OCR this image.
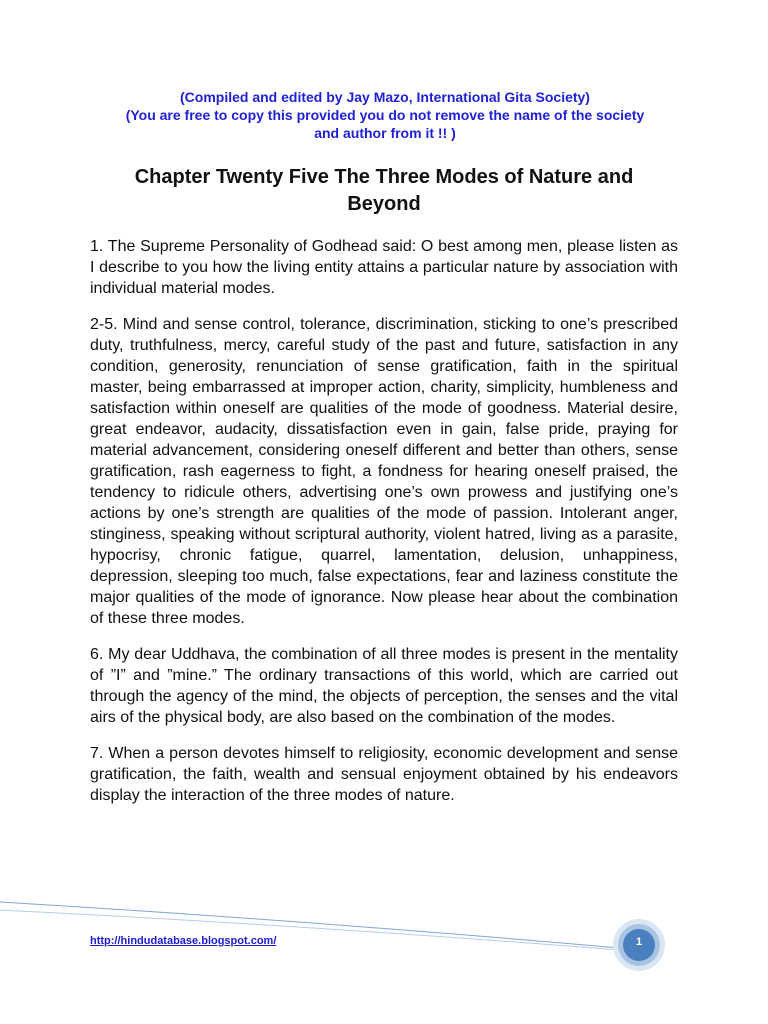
(Compiled and edited by Jay Mazo, International Gita Society)
(You are free to copy this provided you do not remove the name of the society
and author from it !! )
Chapter Twenty Five The Three Modes of Nature and Beyond

1. The Supreme Personality of Godhead said: O best among men, please listen as I describe to you how the living entity attains a particular nature by association with individual material modes.

2-5. Mind and sense control, tolerance, discrimination, sticking to one’s prescribed duty, truthfulness, mercy, careful study of the past and future, satisfaction in any condition, generosity, renunciation of sense gratification, faith in the spiritual master, being embarrassed at improper action, charity, simplicity, humbleness and satisfaction within oneself are qualities of the mode of goodness. Material desire, great endeavor, audacity, dissatisfaction even in gain, false pride, praying for material advancement, considering oneself different and better than others, sense gratification, rash eagerness to fight, a fondness for hearing oneself praised, the tendency to ridicule others, advertising one’s own prowess and justifying one’s actions by one’s strength are qualities of the mode of passion. Intolerant anger, stinginess, speaking without scriptural authority, violent hatred, living as a parasite, hypocrisy, chronic fatigue, quarrel, lamentation, delusion, unhappiness, depression, sleeping too much, false expectations, fear and laziness constitute the major qualities of the mode of ignorance. Now please hear about the combination of these three modes.

6. My dear Uddhava, the combination of all three modes is present in the mentality of ”I” and ”mine.” The ordinary transactions of this world, which are carried out through the agency of the mind, the objects of perception, the senses and the vital airs of the physical body, are also based on the combination of the modes.

7. When a person devotes himself to religiosity, economic development and sense gratification, the faith, wealth and sensual enjoyment obtained by his endeavors display the interaction of the three modes of nature.

http://hindudatabase.blogspot.com/	1
